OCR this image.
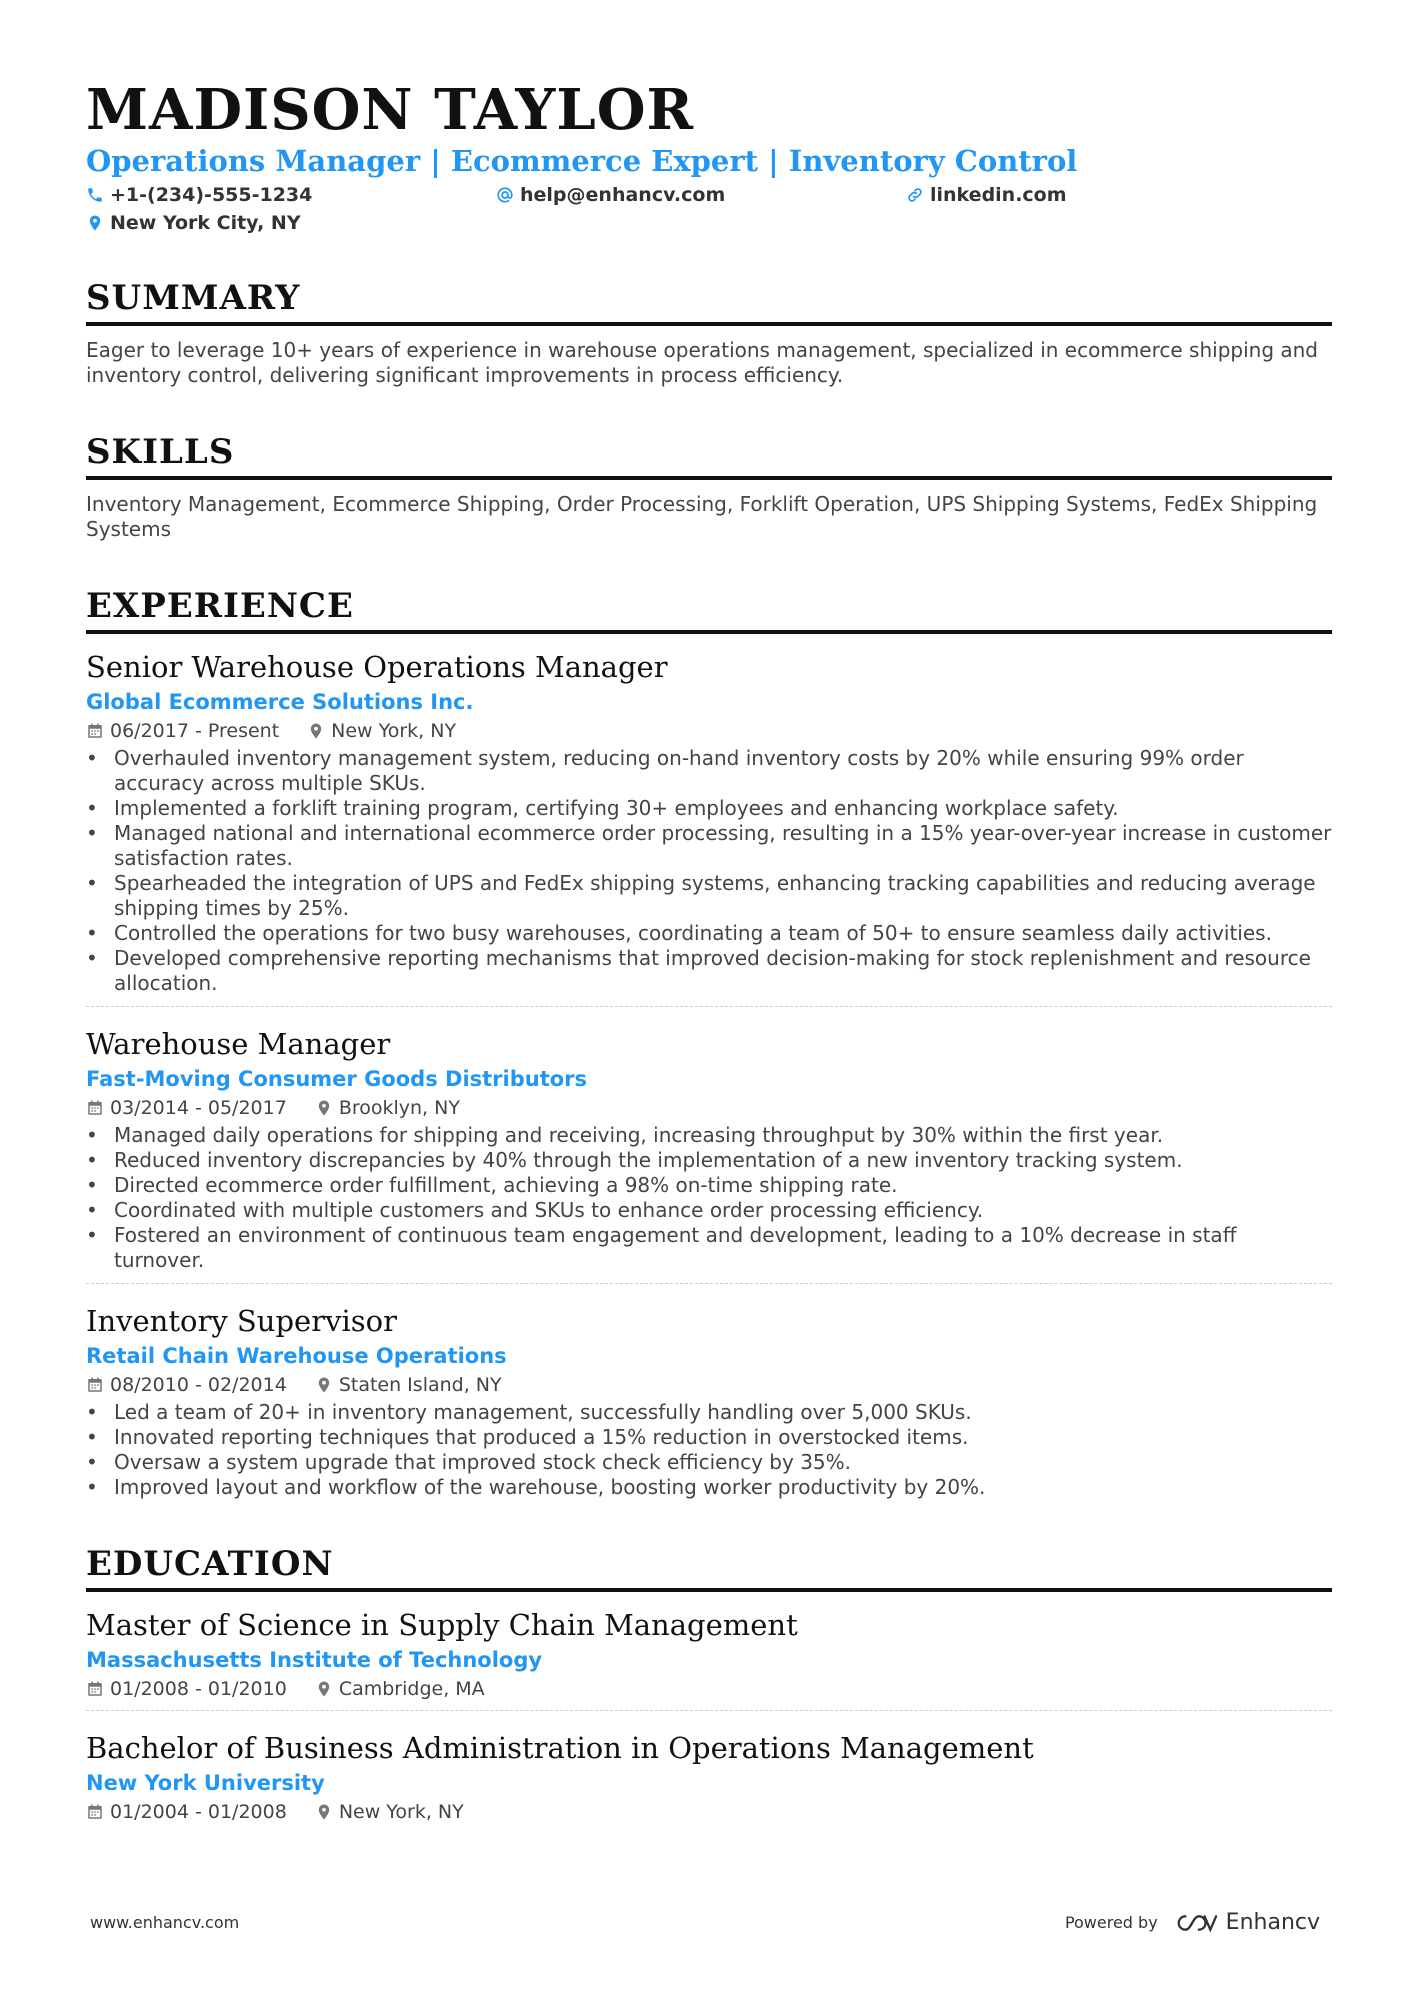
MADISON TAYLOR
Operations Manager | Ecommerce Expert | Inventory Control
+1-(234)-555-1234	help@enhancv.com	linkedin.com
New York City, NY
SUMMARY
Eager to leverage 10+ years of experience in warehouse operations management, specialized in ecommerce shipping and inventory control, delivering significant improvements in process efficiency.
SKILLS
Inventory Management, Ecommerce Shipping, Order Processing, Forklift Operation, UPS Shipping Systems, FedEx Shipping Systems
EXPERIENCE
Senior Warehouse Operations Manager
Global Ecommerce Solutions Inc.
06/2017 - Present	New York, NY
• Overhauled inventory management system, reducing on-hand inventory costs by 20% while ensuring 99% order accuracy across multiple SKUs.
• Implemented a forklift training program, certifying 30+ employees and enhancing workplace safety.
• Managed national and international ecommerce order processing, resulting in a 15% year-over-year increase in customer satisfaction rates.
• Spearheaded the integration of UPS and FedEx shipping systems, enhancing tracking capabilities and reducing average shipping times by 25%.
• Controlled the operations for two busy warehouses, coordinating a team of 50+ to ensure seamless daily activities.
• Developed comprehensive reporting mechanisms that improved decision-making for stock replenishment and resource allocation.
Warehouse Manager
Fast-Moving Consumer Goods Distributors
03/2014 - 05/2017	Brooklyn, NY
• Managed daily operations for shipping and receiving, increasing throughput by 30% within the first year.
• Reduced inventory discrepancies by 40% through the implementation of a new inventory tracking system.
• Directed ecommerce order fulfillment, achieving a 98% on-time shipping rate.
• Coordinated with multiple customers and SKUs to enhance order processing efficiency.
• Fostered an environment of continuous team engagement and development, leading to a 10% decrease in staff turnover.
Inventory Supervisor
Retail Chain Warehouse Operations
08/2010 - 02/2014	Staten Island, NY
• Led a team of 20+ in inventory management, successfully handling over 5,000 SKUs.
• Innovated reporting techniques that produced a 15% reduction in overstocked items.
• Oversaw a system upgrade that improved stock check efficiency by 35%.
• Improved layout and workflow of the warehouse, boosting worker productivity by 20%.
EDUCATION
Master of Science in Supply Chain Management
Massachusetts Institute of Technology
01/2008 - 01/2010	Cambridge, MA
Bachelor of Business Administration in Operations Management
New York University
01/2004 - 01/2008	New York, NY
www.enhancv.com	Powered by	Enhancv
